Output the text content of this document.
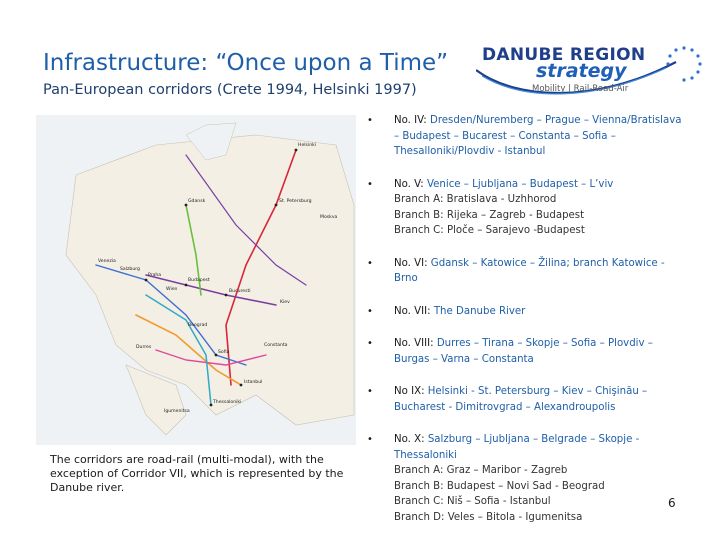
Infrastructure: “Once upon a Time”
Pan-European corridors (Crete 1994, Helsinki 1997)
DANUBE REGION
strategy
Mobility | Rail-Road-Air
Helsinki
St. Petersburg
Moskva
Gdansk
Kiev
Praha
Wien
Budapest
Bucuresti
Beograd
Sofia
Istanbul
Thessaloniki
Venezia
Salzburg
Durres	Constanta
Igumenitsa
The corridors are road-rail (multi-modal), with the exception of Corridor VII, which is represented by the Danube river.
• No. IV: Dresden/Nuremberg – Prague – Vienna/Bratislava – Budapest – Bucarest – Constanta – Sofia – Thesalloniki/Plovdiv - Istanbul
• No. V: Venice – Ljubljana – Budapest – L’viv
Branch A: Bratislava - Uzhhorod
Branch B: Rijeka – Zagreb - Budapest
Branch C: Ploče – Sarajevo -Budapest
• No. VI: Gdansk – Katowice – Žilina; branch Katowice - Brno
• No. VII: The Danube River
• No. VIII: Durres – Tirana – Skopje – Sofia – Plovdiv – Burgas – Varna – Constanta
• No IX: Helsinki - St. Petersburg – Kiev – Chişinău – Bucharest - Dimitrovgrad – Alexandroupolis
• No. X: Salzburg – Ljubljana – Belgrade – Skopje - Thessaloniki
Branch A: Graz – Maribor - Zagreb
Branch B: Budapest – Novi Sad - Beograd
Branch C: Niš – Sofia - Istanbul
Branch D: Veles – Bitola - Igumenitsa
6
